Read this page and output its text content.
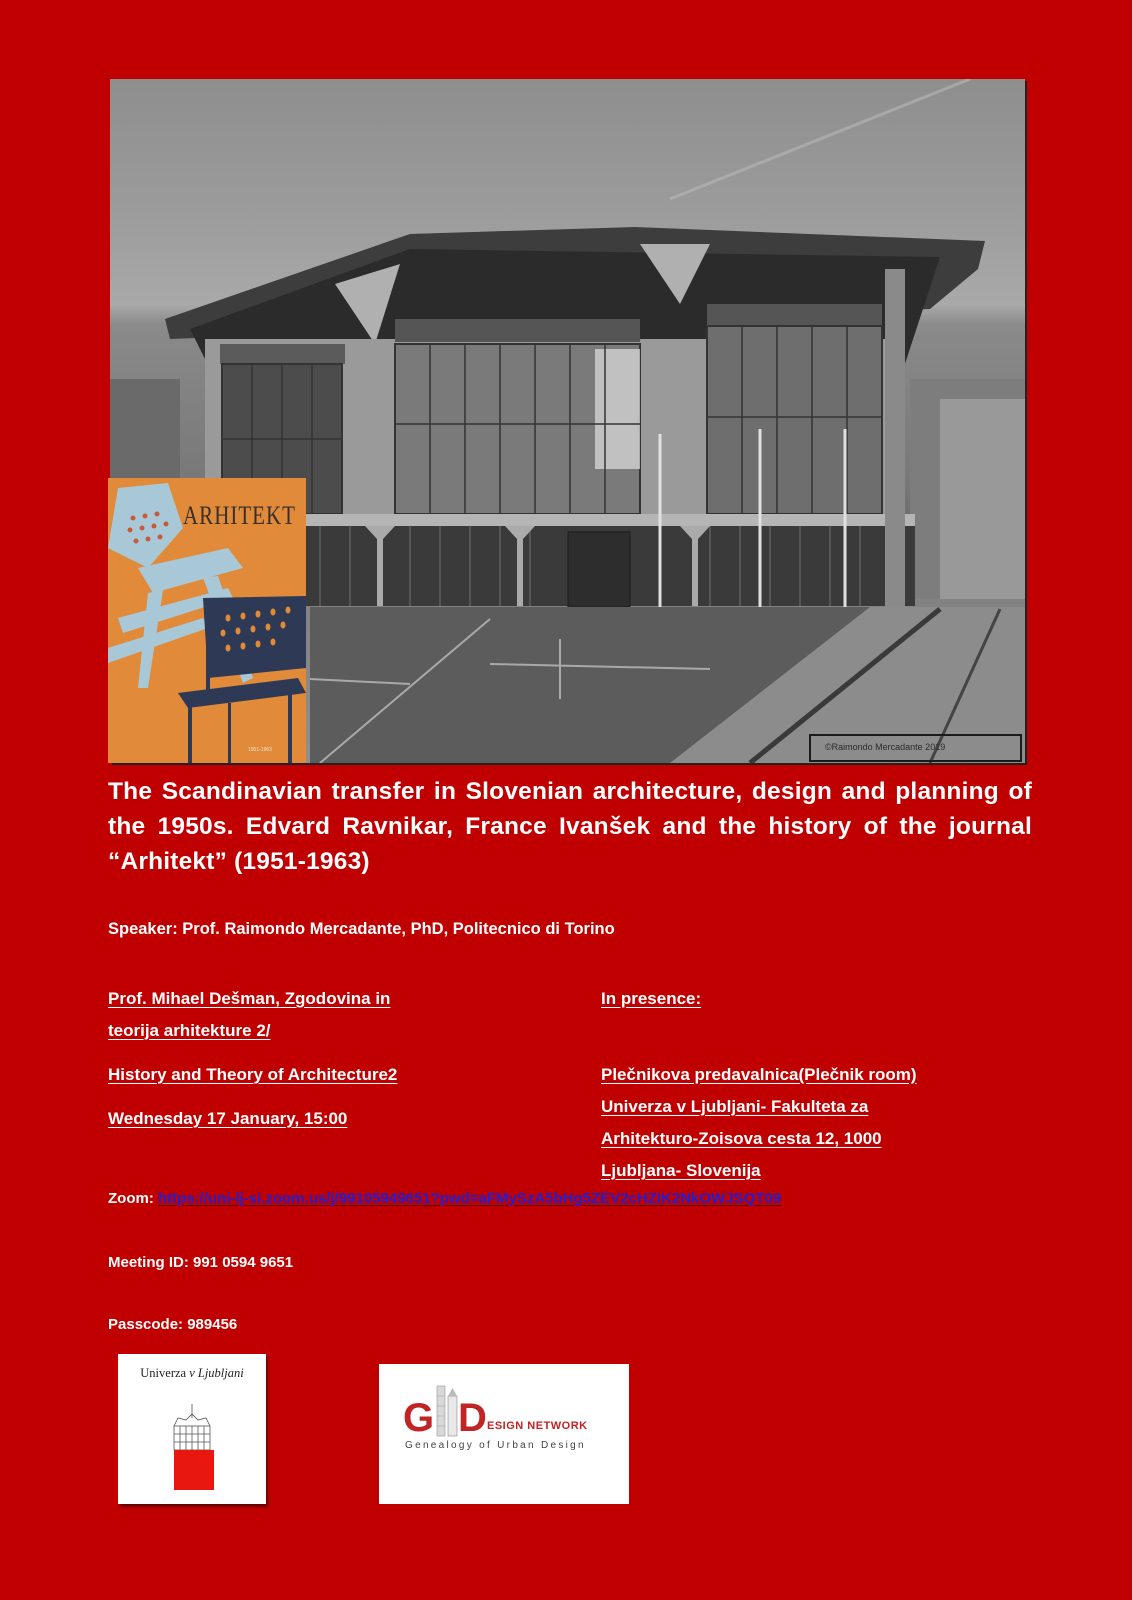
©Raimondo Mercadante 2019
ARHITEKT
1951-1963
The Scandinavian transfer in Slovenian architecture, design and planning of the 1950s. Edvard Ravnikar, France Ivanšek and the history of the journal “Arhitekt” (1951-1963)
Speaker: Prof. Raimondo Mercadante, PhD, Politecnico di Torino
Prof. Mihael Dešman, Zgodovina in
teorija arhitekture 2/
History and Theory of Architecture2
Wednesday 17 January, 15:00
In presence:
Plečnikova predavalnica(Plečnik room)
Univerza v Ljubljani- Fakulteta za
Arhitekturo-Zoisova cesta 12, 1000
Ljubljana- Slovenija
Zoom: https://uni-lj-si.zoom.us/j/99105949651?pwd=aFMySzA5bHg5ZEV2cHZIK2NkOWJSQT09
Meeting ID: 991 0594 9651
Passcode: 989456
Univerza v Ljubljani
G D ESIGN NETWORK
Genealogy of Urban Design
